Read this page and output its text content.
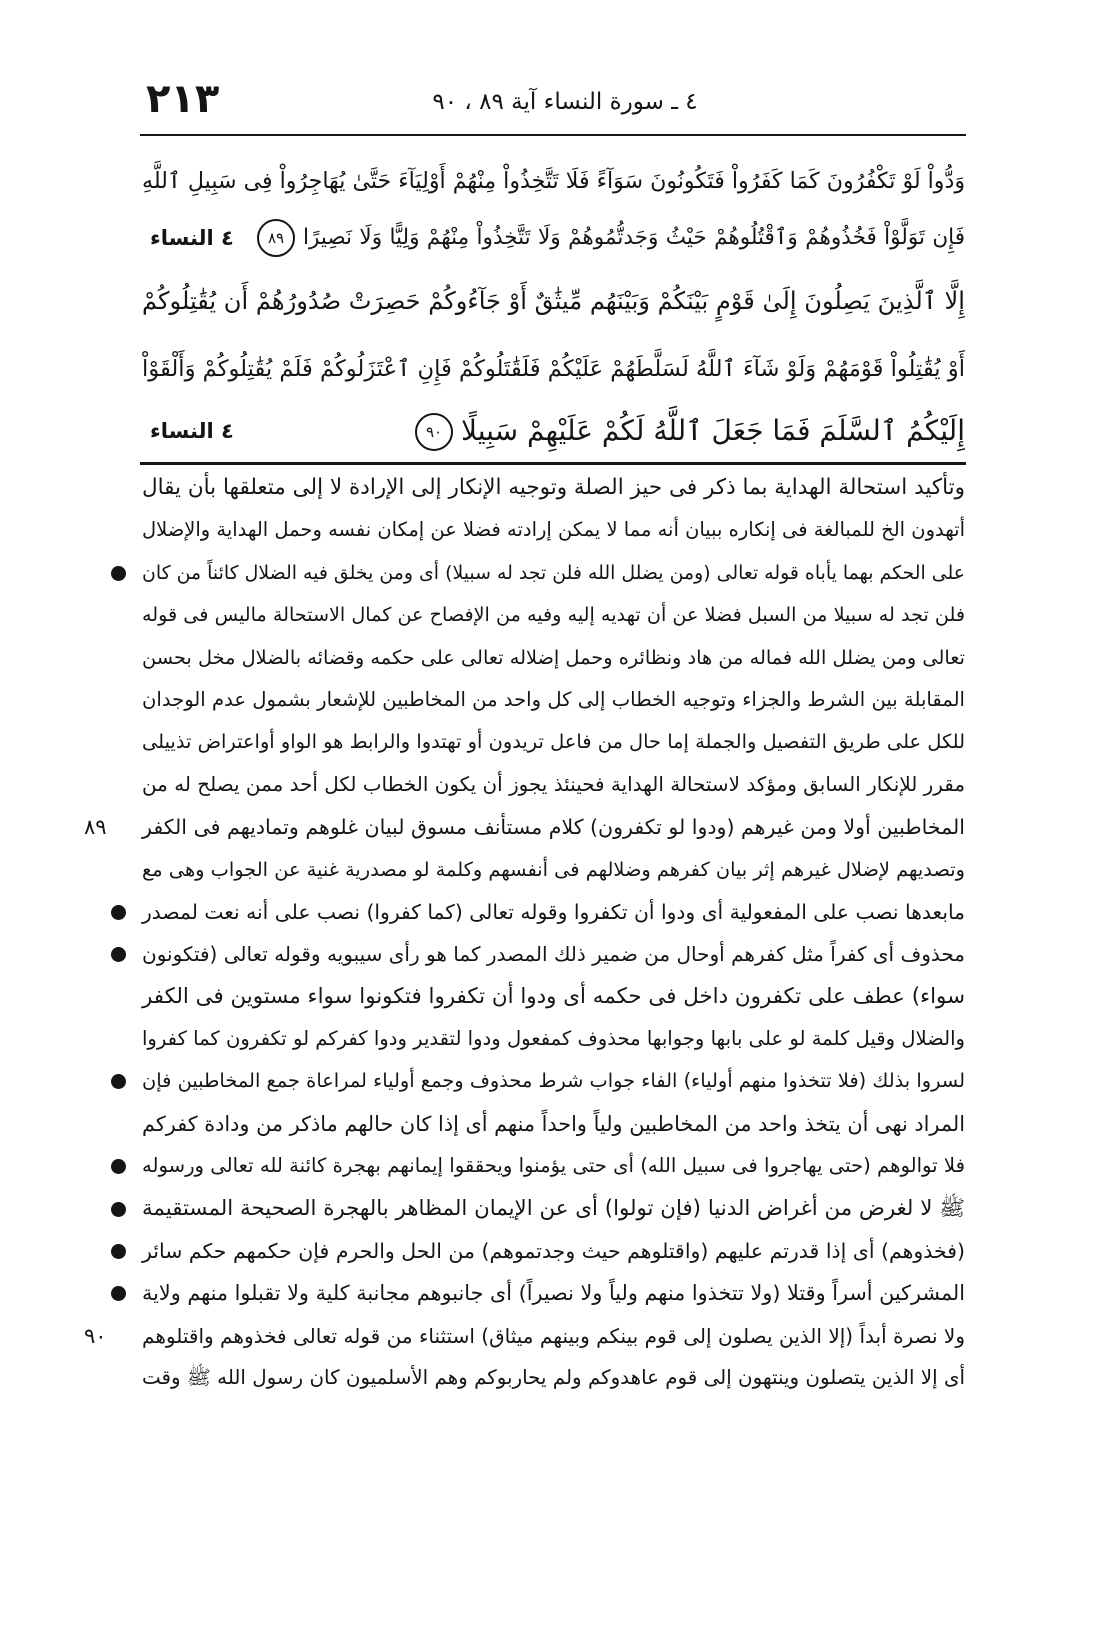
٢١٣	٤ ـ سورة النساء آية ٨٩ ، ٩٠
وَدُّواْ لَوْ تَكْفُرُونَ كَمَا كَفَرُواْ فَتَكُونُونَ سَوَآءً فَلَا تَتَّخِذُواْ مِنْهُمْ أَوْلِيَآءَ حَتَّىٰ يُهَاجِرُواْ فِى سَبِيلِ ٱللَّهِ
فَإِن تَوَلَّوْاْ فَخُذُوهُمْ وَٱقْتُلُوهُمْ حَيْثُ وَجَدتُّمُوهُمْ وَلَا تَتَّخِذُواْ مِنْهُمْ وَلِيًّا وَلَا نَصِيرًا٨٩
٤ النساء
إِلَّا ٱلَّذِينَ يَصِلُونَ إِلَىٰ قَوْمٍ بَيْنَكُمْ وَبَيْنَهُم مِّيثَٰقٌ أَوْ جَآءُوكُمْ حَصِرَتْ صُدُورُهُمْ أَن يُقَٰتِلُوكُمْ
أَوْ يُقَٰتِلُواْ قَوْمَهُمْ وَلَوْ شَآءَ ٱللَّهُ لَسَلَّطَهُمْ عَلَيْكُمْ فَلَقَٰتَلُوكُمْ فَإِنِ ٱعْتَزَلُوكُمْ فَلَمْ يُقَٰتِلُوكُمْ وَأَلْقَوْاْ
إِلَيْكُمُ ٱلسَّلَمَ فَمَا جَعَلَ ٱللَّهُ لَكُمْ عَلَيْهِمْ سَبِيلًا٩٠
٤ النساء
وتأكيد استحالة الهداية بما ذكر فى حيز الصلة وتوجيه الإنكار إلى الإرادة لا إلى متعلقها بأن يقال
أتهدون الخ للمبالغة فى إنكاره ببيان أنه مما لا يمكن إرادته فضلا عن إمكان نفسه وحمل الهداية والإضلال
على الحكم بهما يأباه قوله تعالى (ومن يضلل الله فلن تجد له سبيلا) أى ومن يخلق فيه الضلال كائناً من كان
فلن تجد له سبيلا من السبل فضلا عن أن تهديه إليه وفيه من الإفصاح عن كمال الاستحالة ماليس فى قوله
تعالى ومن يضلل الله فماله من هاد ونظائره وحمل إضلاله تعالى على حكمه وقضائه بالضلال مخل بحسن
المقابلة بين الشرط والجزاء وتوجيه الخطاب إلى كل واحد من المخاطبين للإشعار بشمول عدم الوجدان
للكل على طريق التفصيل والجملة إما حال من فاعل تريدون أو تهتدوا والرابط هو الواو أواعتراض تذييلى
مقرر للإنكار السابق ومؤكد لاستحالة الهداية فحينئذ يجوز أن يكون الخطاب لكل أحد ممن يصلح له من
المخاطبين أولا ومن غيرهم (ودوا لو تكفرون) كلام مستأنف مسوق لبيان غلوهم وتماديهم فى الكفر
٨٩
وتصديهم لإضلال غيرهم إثر بيان كفرهم وضلالهم فى أنفسهم وكلمة لو مصدرية غنية عن الجواب وهى مع
مابعدها نصب على المفعولية أى ودوا أن تكفروا وقوله تعالى (كما كفروا) نصب على أنه نعت لمصدر
محذوف أى كفراً مثل كفرهم أوحال من ضمير ذلك المصدر كما هو رأى سيبويه وقوله تعالى (فتكونون
سواء) عطف على تكفرون داخل فى حكمه أى ودوا أن تكفروا فتكونوا سواء مستوين فى الكفر
والضلال وقيل كلمة لو على بابها وجوابها محذوف كمفعول ودوا لتقدير ودوا كفركم لو تكفرون كما كفروا
لسروا بذلك (فلا تتخذوا منهم أولياء) الفاء جواب شرط محذوف وجمع أولياء لمراعاة جمع المخاطبين فإن
المراد نهى أن يتخذ واحد من المخاطبين ولياً واحداً منهم أى إذا كان حالهم ماذكر من ودادة كفركم
فلا توالوهم (حتى يهاجروا فى سبيل الله) أى حتى يؤمنوا ويحققوا إيمانهم بهجرة كائنة لله تعالى ورسوله
ﷺ لا لغرض من أغراض الدنيا (فإن تولوا) أى عن الإيمان المظاهر بالهجرة الصحيحة المستقيمة
(فخذوهم) أى إذا قدرتم عليهم (واقتلوهم حيث وجدتموهم) من الحل والحرم فإن حكمهم حكم سائر
المشركين أسراً وقتلا (ولا تتخذوا منهم ولياً ولا نصيراً) أى جانبوهم مجانبة كلية ولا تقبلوا منهم ولاية
ولا نصرة أبداً (إلا الذين يصلون إلى قوم بينكم وبينهم ميثاق) استثناء من قوله تعالى فخذوهم واقتلوهم
٩٠
أى إلا الذين يتصلون وينتهون إلى قوم عاهدوكم ولم يحاربوكم وهم الأسلميون كان رسول الله ﷺ وقت
